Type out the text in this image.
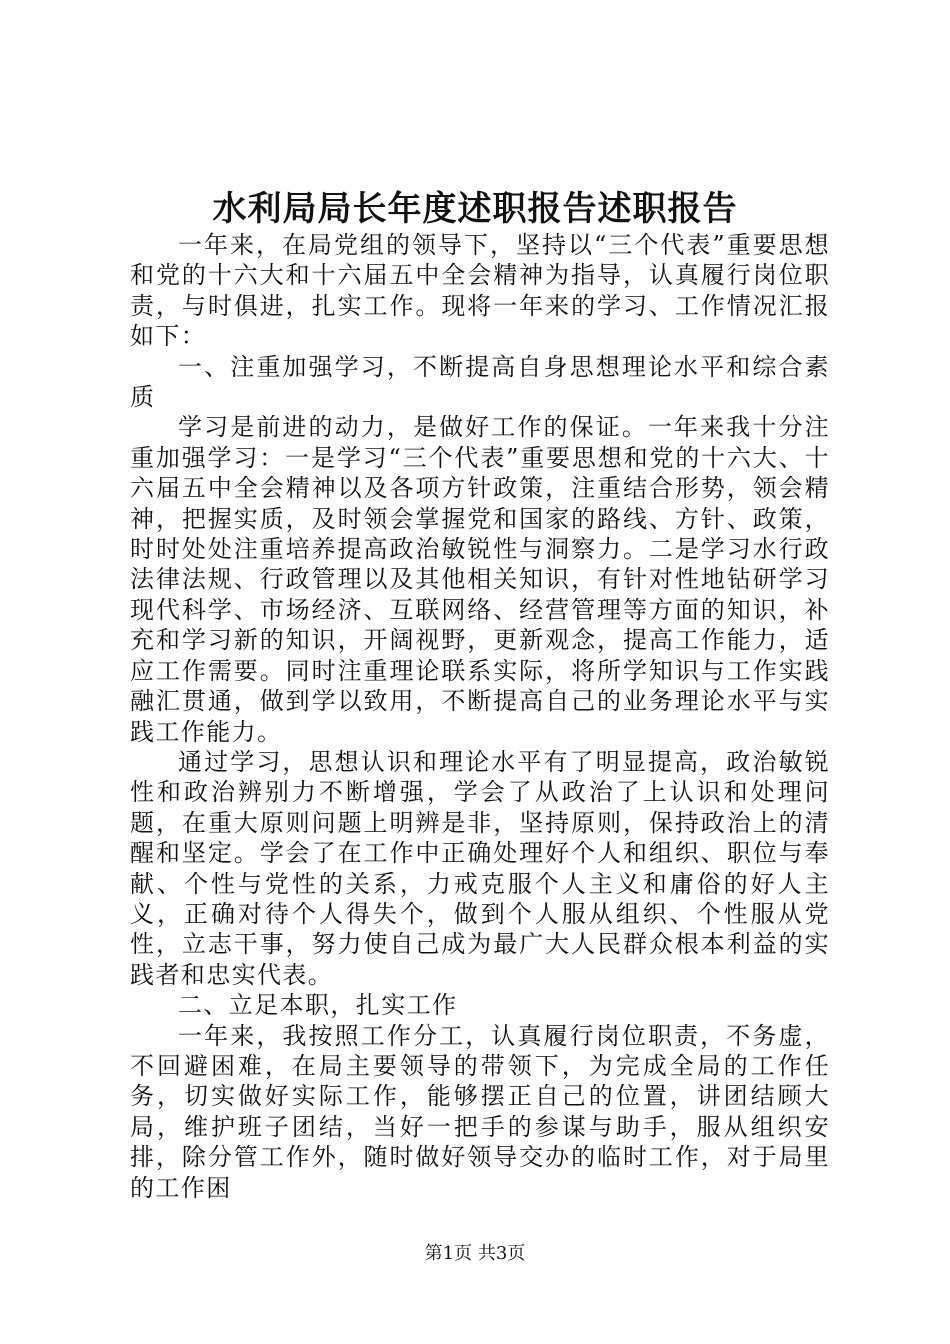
水利局局长年度述职报告述职报告

一年来，在局党组的领导下，坚持以“三个代表”重要思想和党的十六大和十六届五中全会精神为指导，认真履行岗位职责，与时俱进，扎实工作。现将一年来的学习、工作情况汇报如下：

一、注重加强学习，不断提高自身思想理论水平和综合素质

学习是前进的动力，是做好工作的保证。一年来我十分注重加强学习：一是学习“三个代表”重要思想和党的十六大、十六届五中全会精神以及各项方针政策，注重结合形势，领会精神，把握实质，及时领会掌握党和国家的路线、方针、政策，时时处处注重培养提高政治敏锐性与洞察力。二是学习水行政法律法规、行政管理以及其他相关知识，有针对性地钻研学习现代科学、市场经济、互联网络、经营管理等方面的知识，补充和学习新的知识，开阔视野，更新观念，提高工作能力，适应工作需要。同时注重理论联系实际，将所学知识与工作实践融汇贯通，做到学以致用，不断提高自己的业务理论水平与实践工作能力。

通过学习，思想认识和理论水平有了明显提高，政治敏锐性和政治辨别力不断增强，学会了从政治了上认识和处理问题，在重大原则问题上明辨是非，坚持原则，保持政治上的清醒和坚定。学会了在工作中正确处理好个人和组织、职位与奉献、个性与党性的关系，力戒克服个人主义和庸俗的好人主义，正确对待个人得失个，做到个人服从组织、个性服从党性，立志干事，努力使自己成为最广大人民群众根本利益的实践者和忠实代表。

二、立足本职，扎实工作

一年来，我按照工作分工，认真履行岗位职责，不务虚，不回避困难，在局主要领导的带领下，为完成全局的工作任务，切实做好实际工作，能够摆正自己的位置，讲团结顾大局，维护班子团结，当好一把手的参谋与助手，服从组织安排，除分管工作外，随时做好领导交办的临时工作，对于局里的工作困

第1页 共3页
